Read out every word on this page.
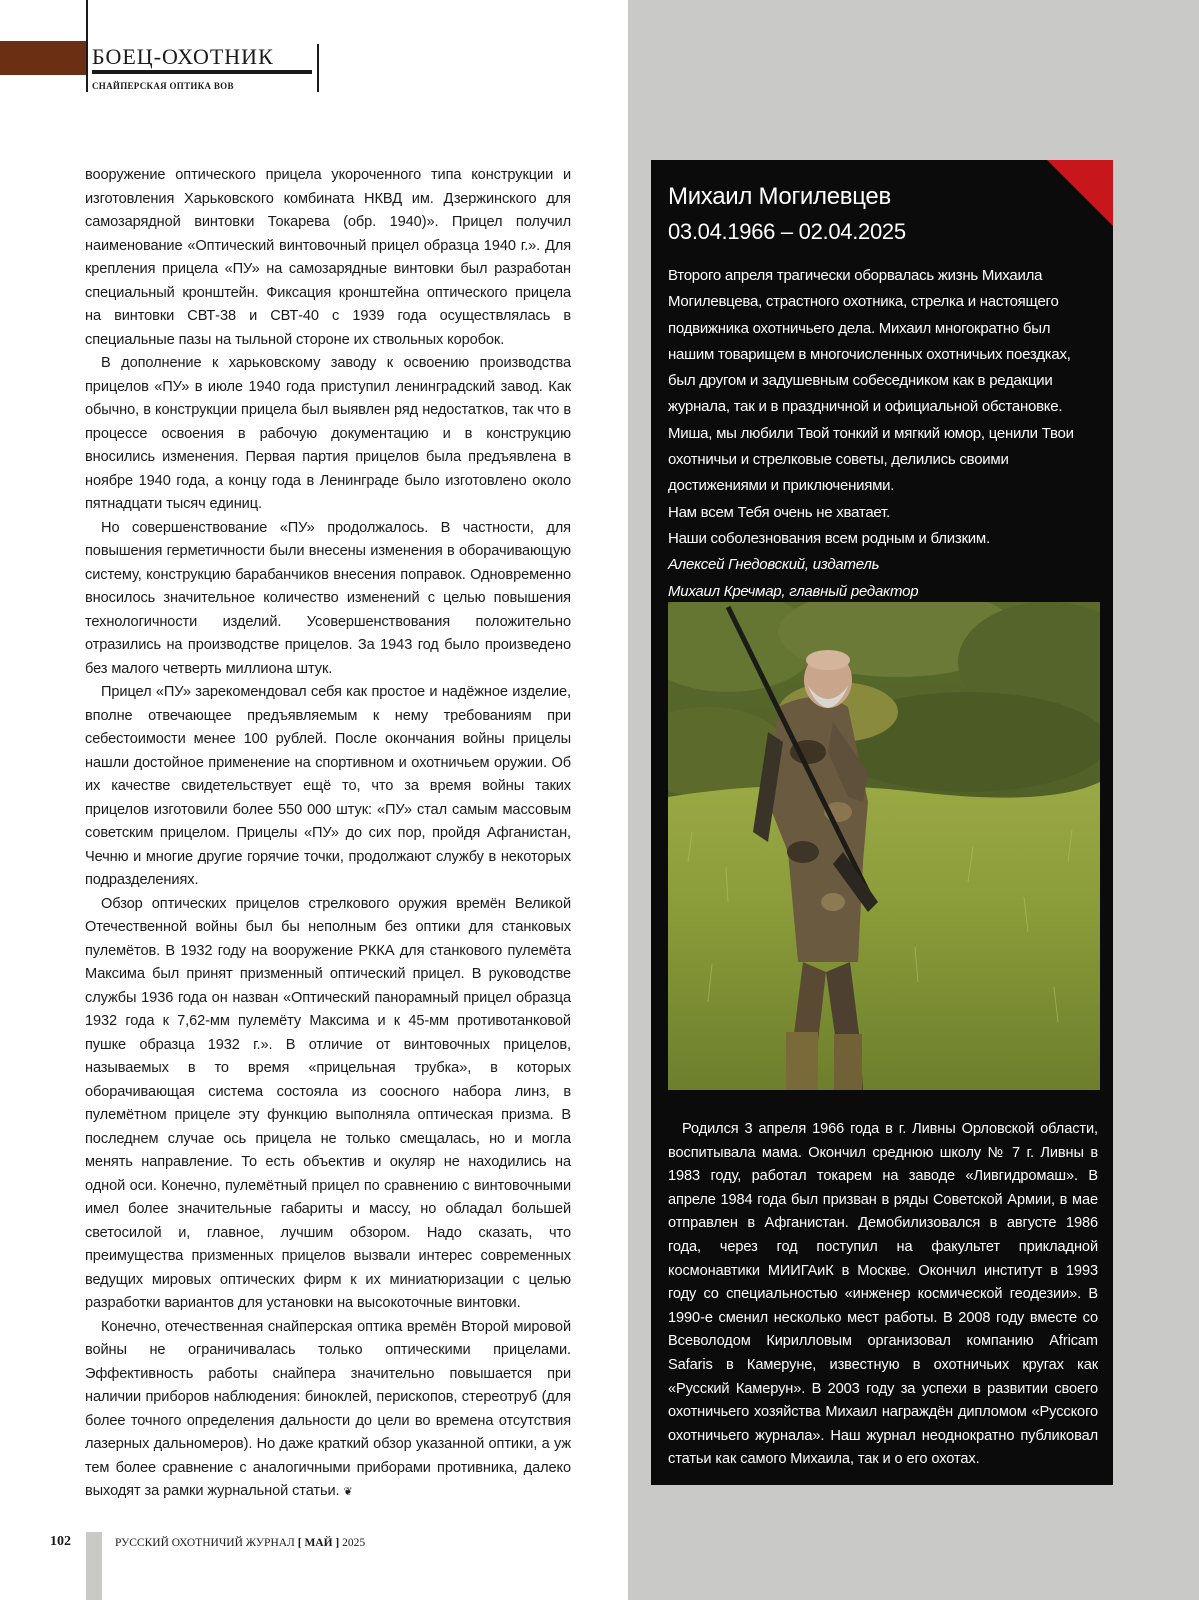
БОЕЦ-ОХОТНИК
СНАЙПЕРСКАЯ ОПТИКА ВОВ

вооружение оптического прицела укороченного типа конструкции и изготовления Харьковского комбината НКВД им. Дзержинского для самозарядной винтовки Токарева (обр. 1940)». Прицел получил наименование «Оптический винтовочный прицел образца 1940 г.». Для крепления прицела «ПУ» на самозарядные винтовки был разработан специальный кронштейн. Фиксация кронштейна оптического прицела на винтовки СВТ-38 и СВТ-40 с 1939 года осуществлялась в специальные пазы на тыльной стороне их ствольных коробок.

В дополнение к харьковскому заводу к освоению производства прицелов «ПУ» в июле 1940 года приступил ленинградский завод. Как обычно, в конструкции прицела был выявлен ряд недостатков, так что в процессе освоения в рабочую документацию и в конструкцию вносились изменения. Первая партия прицелов была предъявлена в ноябре 1940 года, а концу года в Ленинграде было изготовлено около пятнадцати тысяч единиц.

Но совершенствование «ПУ» продолжалось. В частности, для повышения герметичности были внесены изменения в оборачивающую систему, конструкцию барабанчиков внесения поправок. Одновременно вносилось значительное количество изменений с целью повышения технологичности изделий. Усовершенствования положительно отразились на производстве прицелов. За 1943 год было произведено без малого четверть миллиона штук.

Прицел «ПУ» зарекомендовал себя как простое и надёжное изделие, вполне отвечающее предъявляемым к нему требованиям при себестоимости менее 100 рублей. После окончания войны прицелы нашли достойное применение на спортивном и охотничьем оружии. Об их качестве свидетельствует ещё то, что за время войны таких прицелов изготовили более 550 000 штук: «ПУ» стал самым массовым советским прицелом. Прицелы «ПУ» до сих пор, пройдя Афганистан, Чечню и многие другие горячие точки, продолжают службу в некоторых подразделениях.

Обзор оптических прицелов стрелкового оружия времён Великой Отечественной войны был бы неполным без оптики для станковых пулемётов. В 1932 году на вооружение РККА для станкового пулемёта Максима был принят призменный оптический прицел. В руководстве службы 1936 года он назван «Оптический панорамный прицел образца 1932 года к 7,62-мм пулемёту Максима и к 45-мм противотанковой пушке образца 1932 г.». В отличие от винтовочных прицелов, называемых в то время «прицельная трубка», в которых оборачивающая система состояла из соосного набора линз, в пулемётном прицеле эту функцию выполняла оптическая призма. В последнем случае ось прицела не только смещалась, но и могла менять направление. То есть объектив и окуляр не находились на одной оси. Конечно, пулемётный прицел по сравнению с винтовочными имел более значительные габариты и массу, но обладал большей светосилой и, главное, лучшим обзором. Надо сказать, что преимущества призменных прицелов вызвали интерес современных ведущих мировых оптических фирм к их миниатюризации с целью разработки вариантов для установки на высокоточные винтовки.

Конечно, отечественная снайперская оптика времён Второй мировой войны не ограничивалась только оптическими прицелами. Эффективность работы снайпера значительно повышается при наличии приборов наблюдения: биноклей, перископов, стереотруб (для более точного определения дальности до цели во времена отсутствия лазерных дальномеров). Но даже краткий обзор указанной оптики, а уж тем более сравнение с аналогичными приборами противника, далеко выходят за рамки журнальной статьи. ❦

Михаил Могилевцев
03.04.1966 – 02.04.2025

Второго апреля трагически оборвалась жизнь Михаила Могилевцева, страстного охотника, стрелка и настоящего подвижника охотничьего дела. Михаил многократно был нашим товарищем в многочисленных охотничьих поездках, был другом и задушевным собеседником как в редакции журнала, так и в праздничной и официальной обстановке. Миша, мы любили Твой тонкий и мягкий юмор, ценили Твои охотничьи и стрелковые советы, делились своими достижениями и приключениями.

Нам всем Тебя очень не хватает.

Наши соболезнования всем родным и близким.

Алексей Гнедовский, издатель

Михаил Кречмар, главный редактор

Родился 3 апреля 1966 года в г. Ливны Орловской области, воспитывала мама. Окончил среднюю школу № 7 г. Ливны в 1983 году, работал токарем на заводе «Ливгидромаш». В апреле 1984 года был призван в ряды Советской Армии, в мае отправлен в Афганистан. Демобилизовался в августе 1986 года, через год поступил на факультет прикладной космонавтики МИИГАиК в Москве. Окончил институт в 1993 году со специальностью «инженер космической геодезии». В 1990-е сменил несколько мест работы. В 2008 году вместе со Всеволодом Кирилловым организовал компанию Africam Safaris в Камеруне, известную в охотничьих кругах как «Русский Камерун». В 2003 году за успехи в развитии своего охотничьего хозяйства Михаил награждён дипломом «Русского охотничьего журнала». Наш журнал неоднократно публиковал статьи как самого Михаила, так и о его охотах.

102	РУССКИЙ ОХОТНИЧИЙ ЖУРНАЛ [ МАЙ ] 2025
